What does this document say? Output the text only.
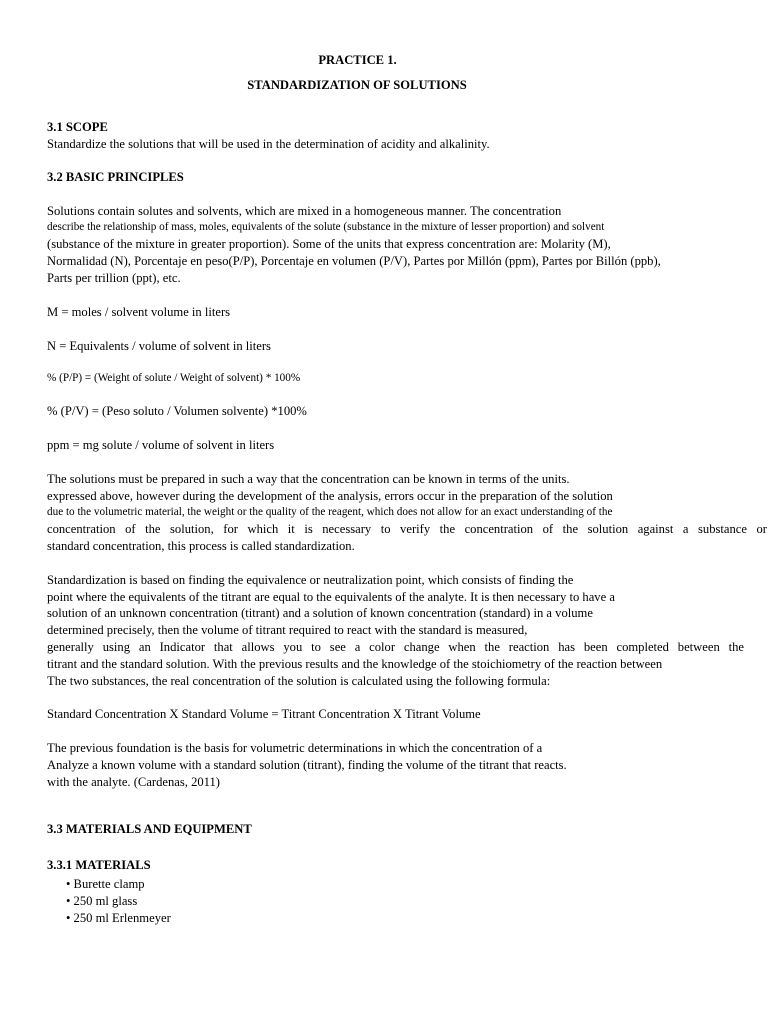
PRACTICE 1.
STANDARDIZATION OF SOLUTIONS
3.1 SCOPE
Standardize the solutions that will be used in the determination of acidity and alkalinity.
3.2 BASIC PRINCIPLES
Solutions contain solutes and solvents, which are mixed in a homogeneous manner. The concentration
describe the relationship of mass, moles, equivalents of the solute (substance in the mixture of lesser proportion) and solvent
(substance of the mixture in greater proportion). Some of the units that express concentration are: Molarity (M),
Normalidad (N), Porcentaje en peso(P/P), Porcentaje en volumen (P/V), Partes por Millón (ppm), Partes por Billón (ppb),
Parts per trillion (ppt), etc.
M = moles / solvent volume in liters
N = Equivalents / volume of solvent in liters
% (P/P) = (Weight of solute / Weight of solvent) * 100%
% (P/V) = (Peso soluto / Volumen solvente) *100%
ppm = mg solute / volume of solvent in liters
The solutions must be prepared in such a way that the concentration can be known in terms of the units.
expressed above, however during the development of the analysis, errors occur in the preparation of the solution
due to the volumetric material, the weight or the quality of the reagent, which does not allow for an exact understanding of the
concentration of the solution, for which it is necessary to verify the concentration of the solution against a substance or
standard concentration, this process is called standardization.
Standardization is based on finding the equivalence or neutralization point, which consists of finding the
point where the equivalents of the titrant are equal to the equivalents of the analyte. It is then necessary to have a
solution of an unknown concentration (titrant) and a solution of known concentration (standard) in a volume
determined precisely, then the volume of titrant required to react with the standard is measured,
generally using an Indicator that allows you to see a color change when the reaction has been completed between the
titrant and the standard solution. With the previous results and the knowledge of the stoichiometry of the reaction between
The two substances, the real concentration of the solution is calculated using the following formula:
Standard Concentration X Standard Volume = Titrant Concentration X Titrant Volume
The previous foundation is the basis for volumetric determinations in which the concentration of a
Analyze a known volume with a standard solution (titrant), finding the volume of the titrant that reacts.
with the analyte. (Cardenas, 2011)
3.3 MATERIALS AND EQUIPMENT
3.3.1 MATERIALS
• Burette clamp
• 250 ml glass
• 250 ml Erlenmeyer
